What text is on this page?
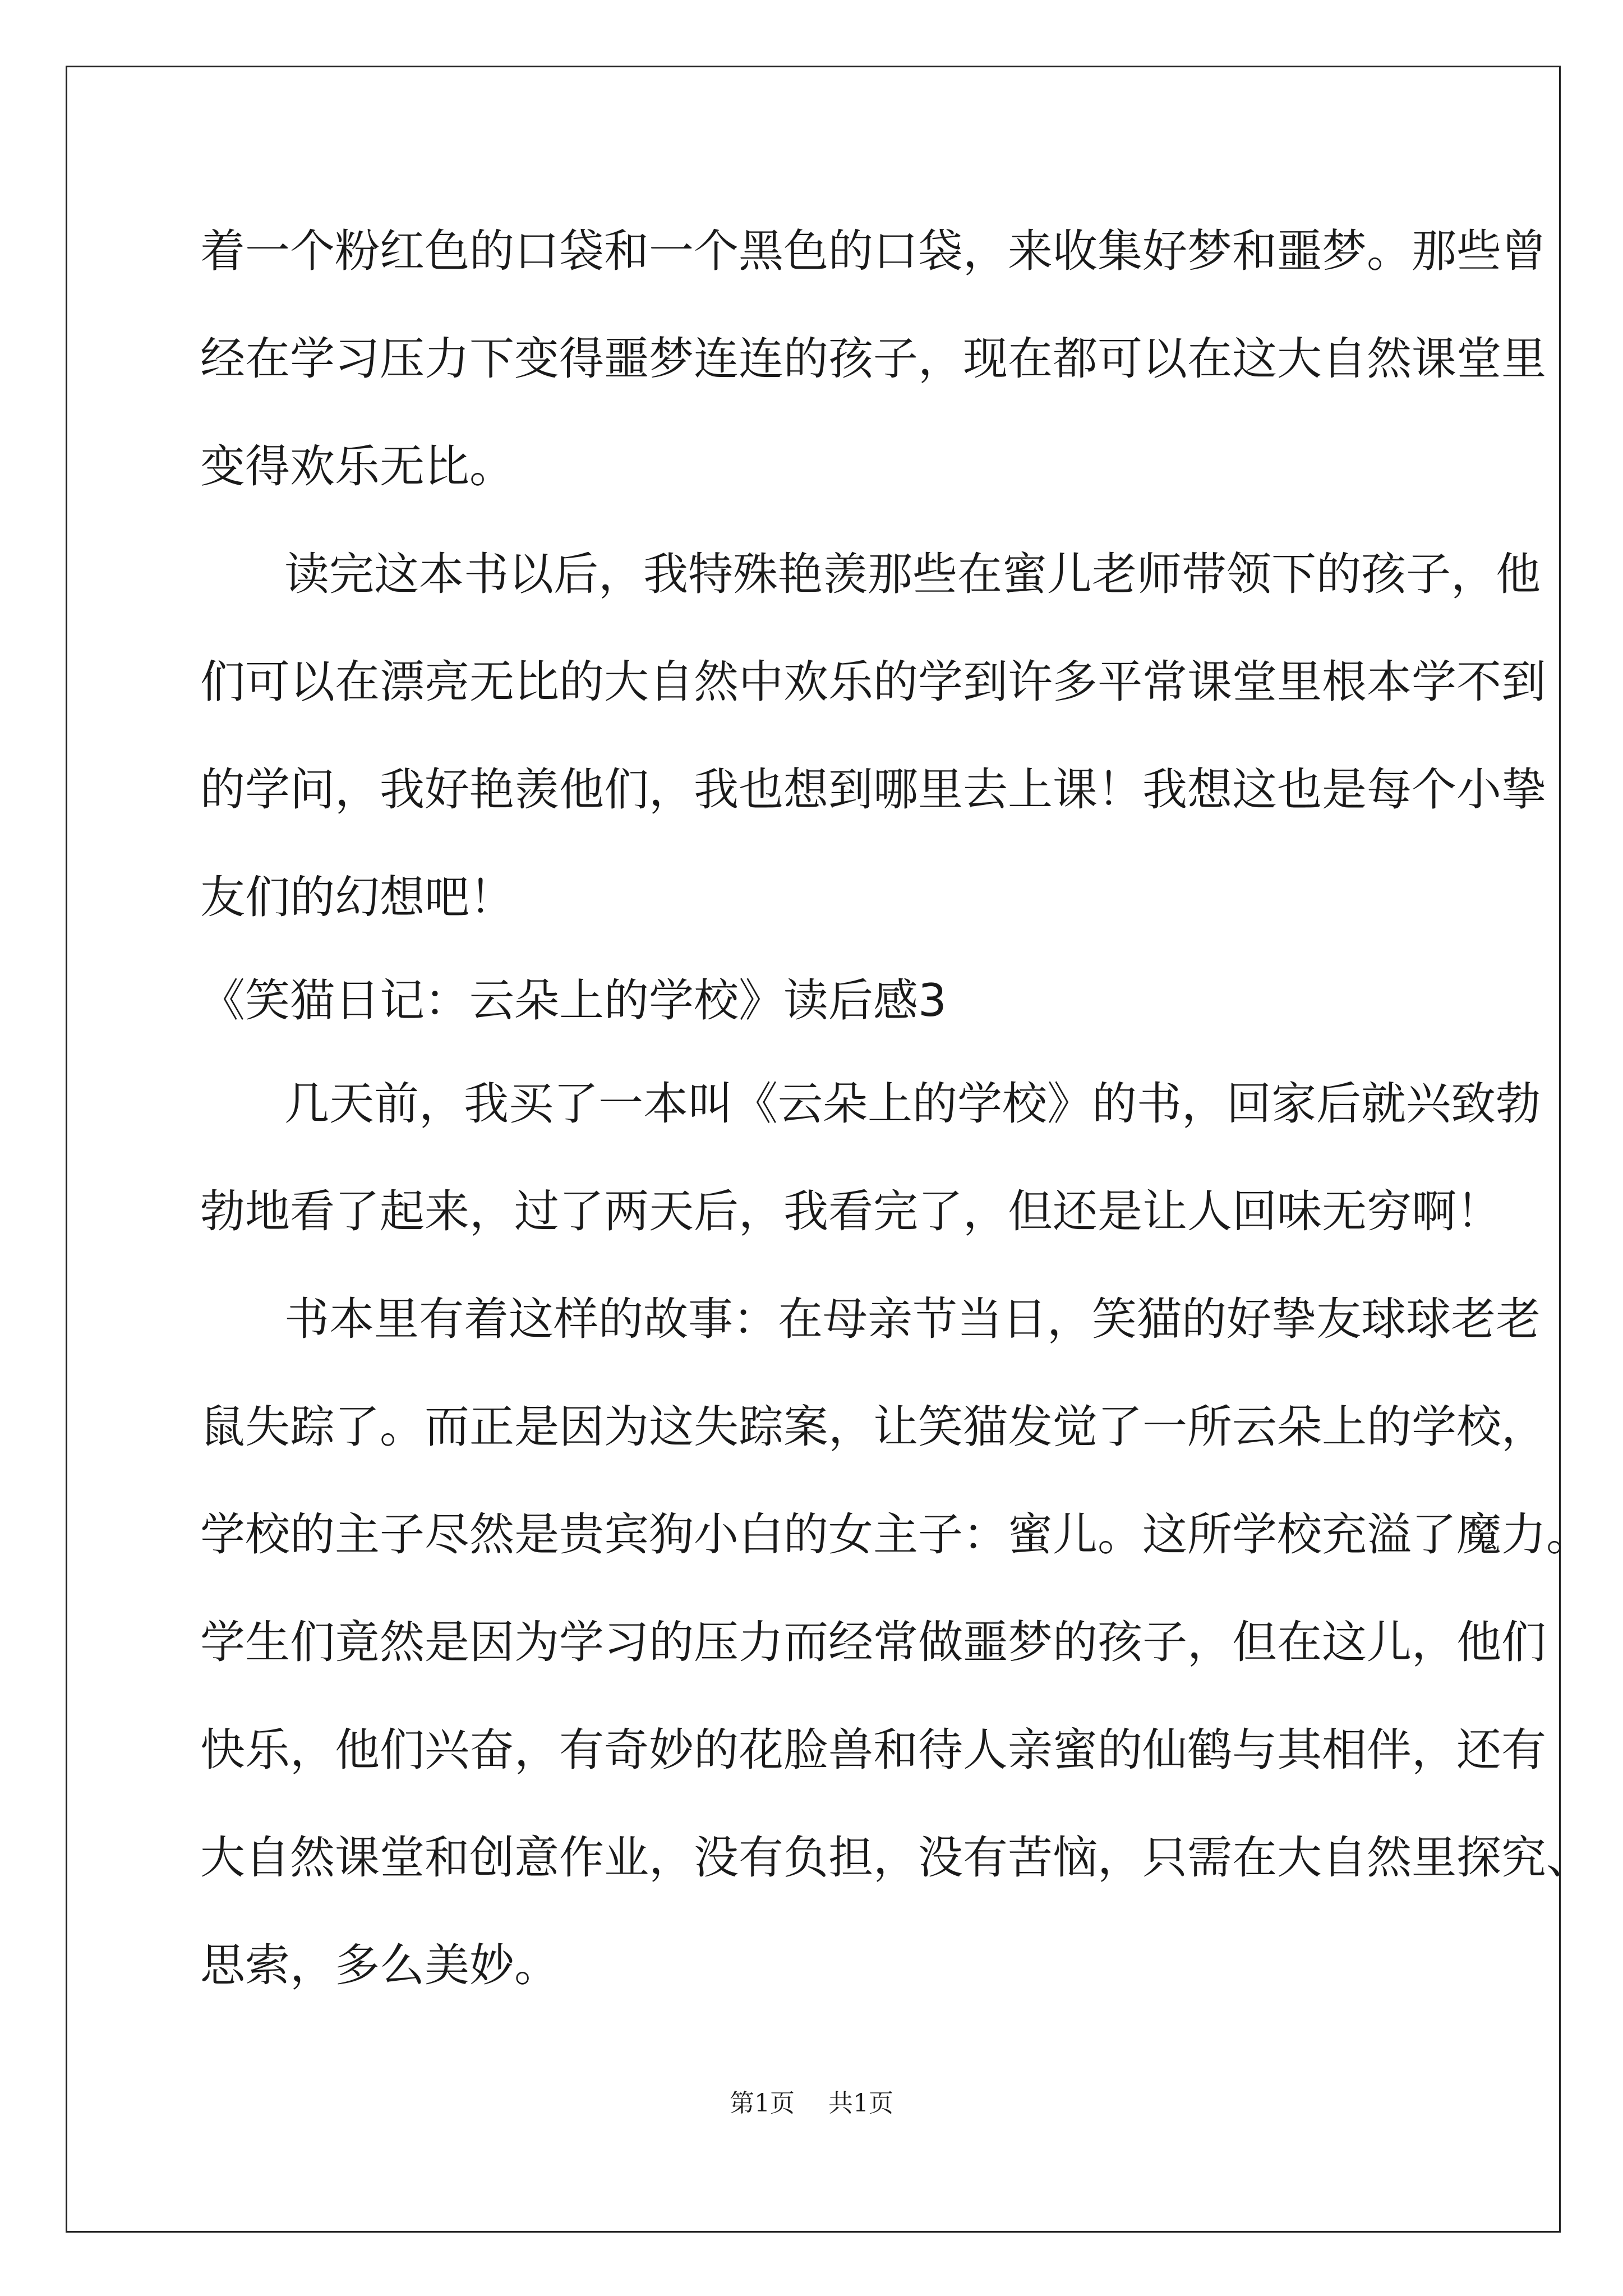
着一个粉红色的口袋和一个黑色的口袋，来收集好梦和噩梦。那些曾

经在学习压力下变得噩梦连连的孩子，现在都可以在这大自然课堂里

变得欢乐无比。

读完这本书以后，我特殊艳羡那些在蜜儿老师带领下的孩子，他

们可以在漂亮无比的大自然中欢乐的学到许多平常课堂里根本学不到

的学问，我好艳羡他们，我也想到哪里去上课！我想这也是每个小挚

友们的幻想吧！

《笑猫日记：云朵上的学校》读后感3

几天前，我买了一本叫《云朵上的学校》的书，回家后就兴致勃

勃地看了起来，过了两天后，我看完了，但还是让人回味无穷啊！

书本里有着这样的故事：在母亲节当日，笑猫的好挚友球球老老

鼠失踪了。而正是因为这失踪案，让笑猫发觉了一所云朵上的学校，

学校的主子尽然是贵宾狗小白的女主子：蜜儿。这所学校充溢了魔力。

学生们竟然是因为学习的压力而经常做噩梦的孩子，但在这儿，他们

快乐，他们兴奋，有奇妙的花脸兽和待人亲蜜的仙鹤与其相伴，还有

大自然课堂和创意作业，没有负担，没有苦恼，只需在大自然里探究、

思索，多么美妙。

第1页 共1页
